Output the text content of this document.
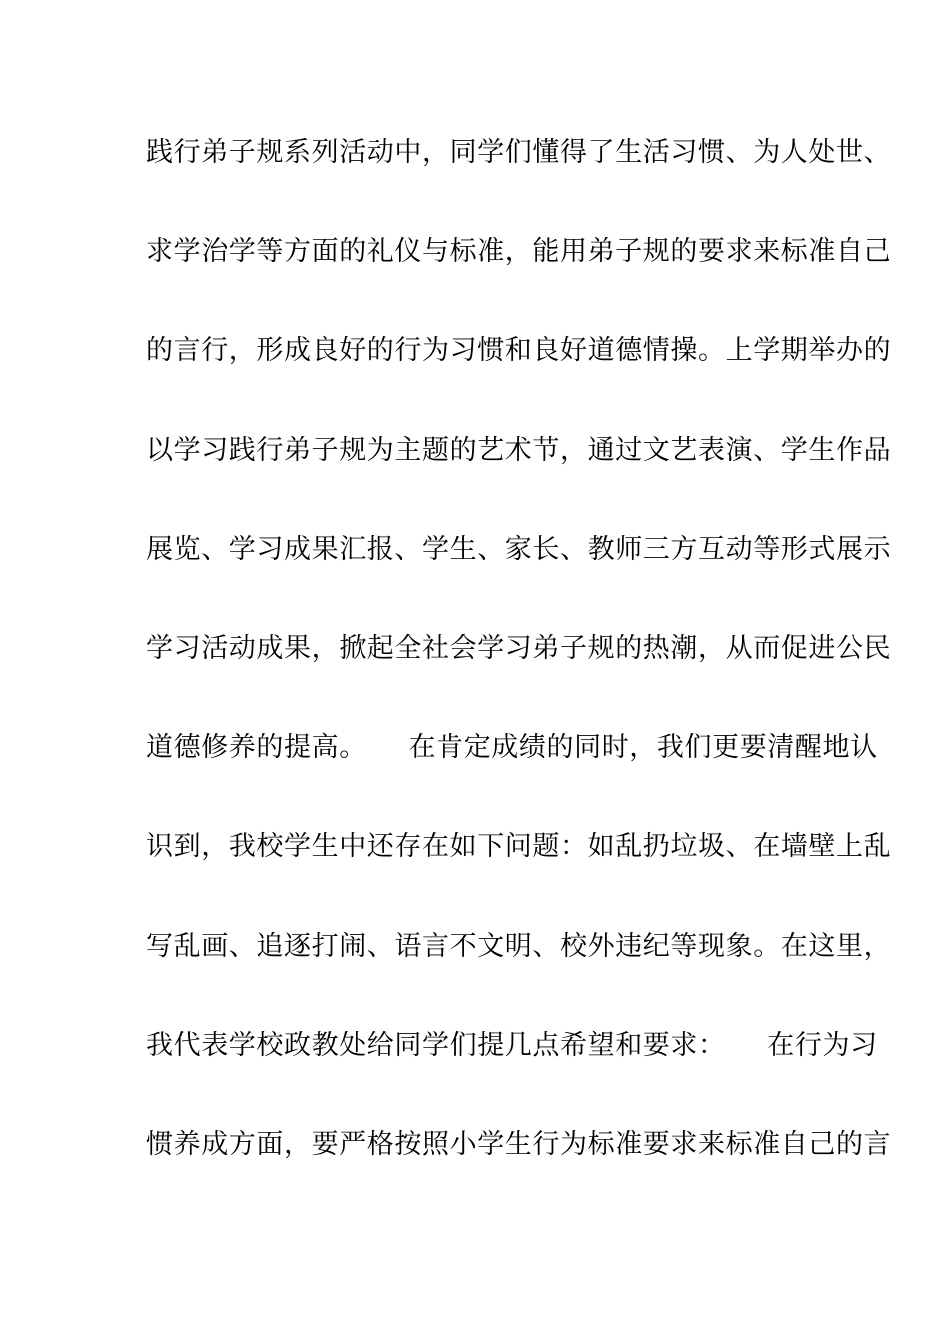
践行弟子规系列活动中，同学们懂得了生活习惯、为人处世、
求学治学等方面的礼仪与标准，能用弟子规的要求来标准自己
的言行，形成良好的行为习惯和良好道德情操。上学期举办的
以学习践行弟子规为主题的艺术节，通过文艺表演、学生作品
展览、学习成果汇报、学生、家长、教师三方互动等形式展示
学习活动成果，掀起全社会学习弟子规的热潮，从而促进公民
道德修养的提高。　　在肯定成绩的同时，我们更要清醒地认
识到，我校学生中还存在如下问题：如乱扔垃圾、在墙壁上乱
写乱画、追逐打闹、语言不文明、校外违纪等现象。在这里，
我代表学校政教处给同学们提几点希望和要求：　　在行为习
惯养成方面，要严格按照小学生行为标准要求来标准自己的言
